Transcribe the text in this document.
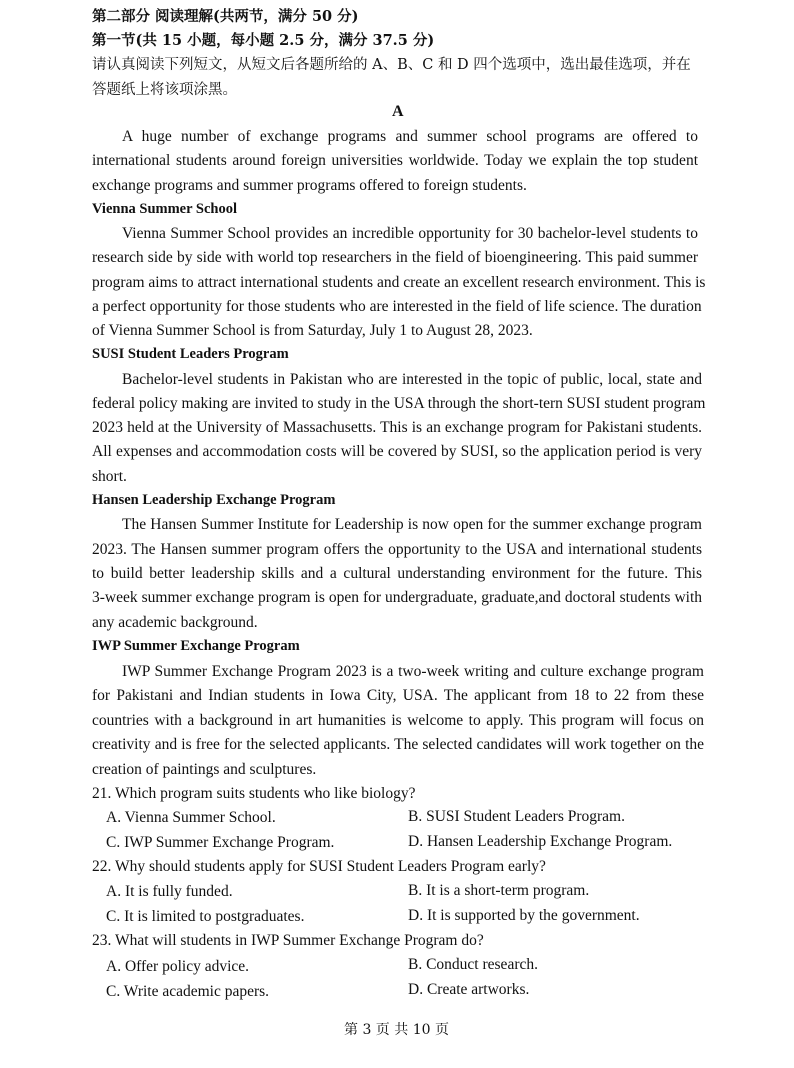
第二部分 阅读理解(共两节，满分 50 分)
第一节(共 15 小题，每小题 2.5 分，满分 37.5 分)
请认真阅读下列短文，从短文后各题所给的 A、B、C 和 D 四个选项中，选出最佳选项，并在
答题纸上将该项涂黑。
A
A huge number of exchange programs and summer school programs are offered to
international students around foreign universities worldwide. Today we explain the top student
exchange programs and summer programs offered to foreign students.
Vienna Summer School
Vienna Summer School provides an incredible opportunity for 30 bachelor-level students to
research side by side with world top researchers in the field of bioengineering. This paid summer
program aims to attract international students and create an excellent research environment. This is
a perfect opportunity for those students who are interested in the field of life science. The duration
of Vienna Summer School is from Saturday, July 1 to August 28, 2023.
SUSI Student Leaders Program
Bachelor-level students in Pakistan who are interested in the topic of public, local, state and
federal policy making are invited to study in the USA through the short-tern SUSI student program
2023 held at the University of Massachusetts. This is an exchange program for Pakistani students.
All expenses and accommodation costs will be covered by SUSI, so the application period is very
short.
Hansen Leadership Exchange Program
The Hansen Summer Institute for Leadership is now open for the summer exchange program
2023. The Hansen summer program offers the opportunity to the USA and international students
to build better leadership skills and a cultural understanding environment for the future. This
3-week summer exchange program is open for undergraduate, graduate,and doctoral students with
any academic background.
IWP Summer Exchange Program
IWP Summer Exchange Program 2023 is a two-week writing and culture exchange program
for Pakistani and Indian students in Iowa City, USA. The applicant from 18 to 22 from these
countries with a background in art humanities is welcome to apply. This program will focus on
creativity and is free for the selected applicants. The selected candidates will work together on the
creation of paintings and sculptures.
21. Which program suits students who like biology?
A. Vienna Summer School.	B. SUSI Student Leaders Program.
C. IWP Summer Exchange Program.	D. Hansen Leadership Exchange Program.
22. Why should students apply for SUSI Student Leaders Program early?
A. It is fully funded.	B. It is a short-term program.
C. It is limited to postgraduates.	D. It is supported by the government.
23. What will students in IWP Summer Exchange Program do?
A. Offer policy advice.	B. Conduct research.
C. Write academic papers.	D. Create artworks.
第 3 页 共 10 页
